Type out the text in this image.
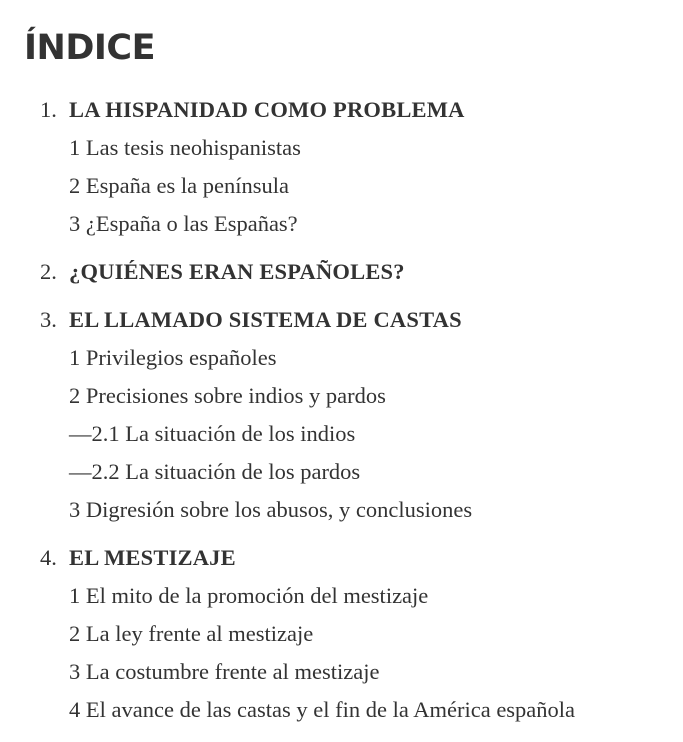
ÍNDICE
1. LA HISPANIDAD COMO PROBLEMA
1 Las tesis neohispanistas
2 España es la península
3 ¿España o las Españas?
2. ¿QUIÉNES ERAN ESPAÑOLES?
3. EL LLAMADO SISTEMA DE CASTAS
1 Privilegios españoles
2 Precisiones sobre indios y pardos
—2.1 La situación de los indios
—2.2 La situación de los pardos
3 Digresión sobre los abusos, y conclusiones
4. EL MESTIZAJE
1 El mito de la promoción del mestizaje
2 La ley frente al mestizaje
3 La costumbre frente al mestizaje
4 El avance de las castas y el fin de la América española
